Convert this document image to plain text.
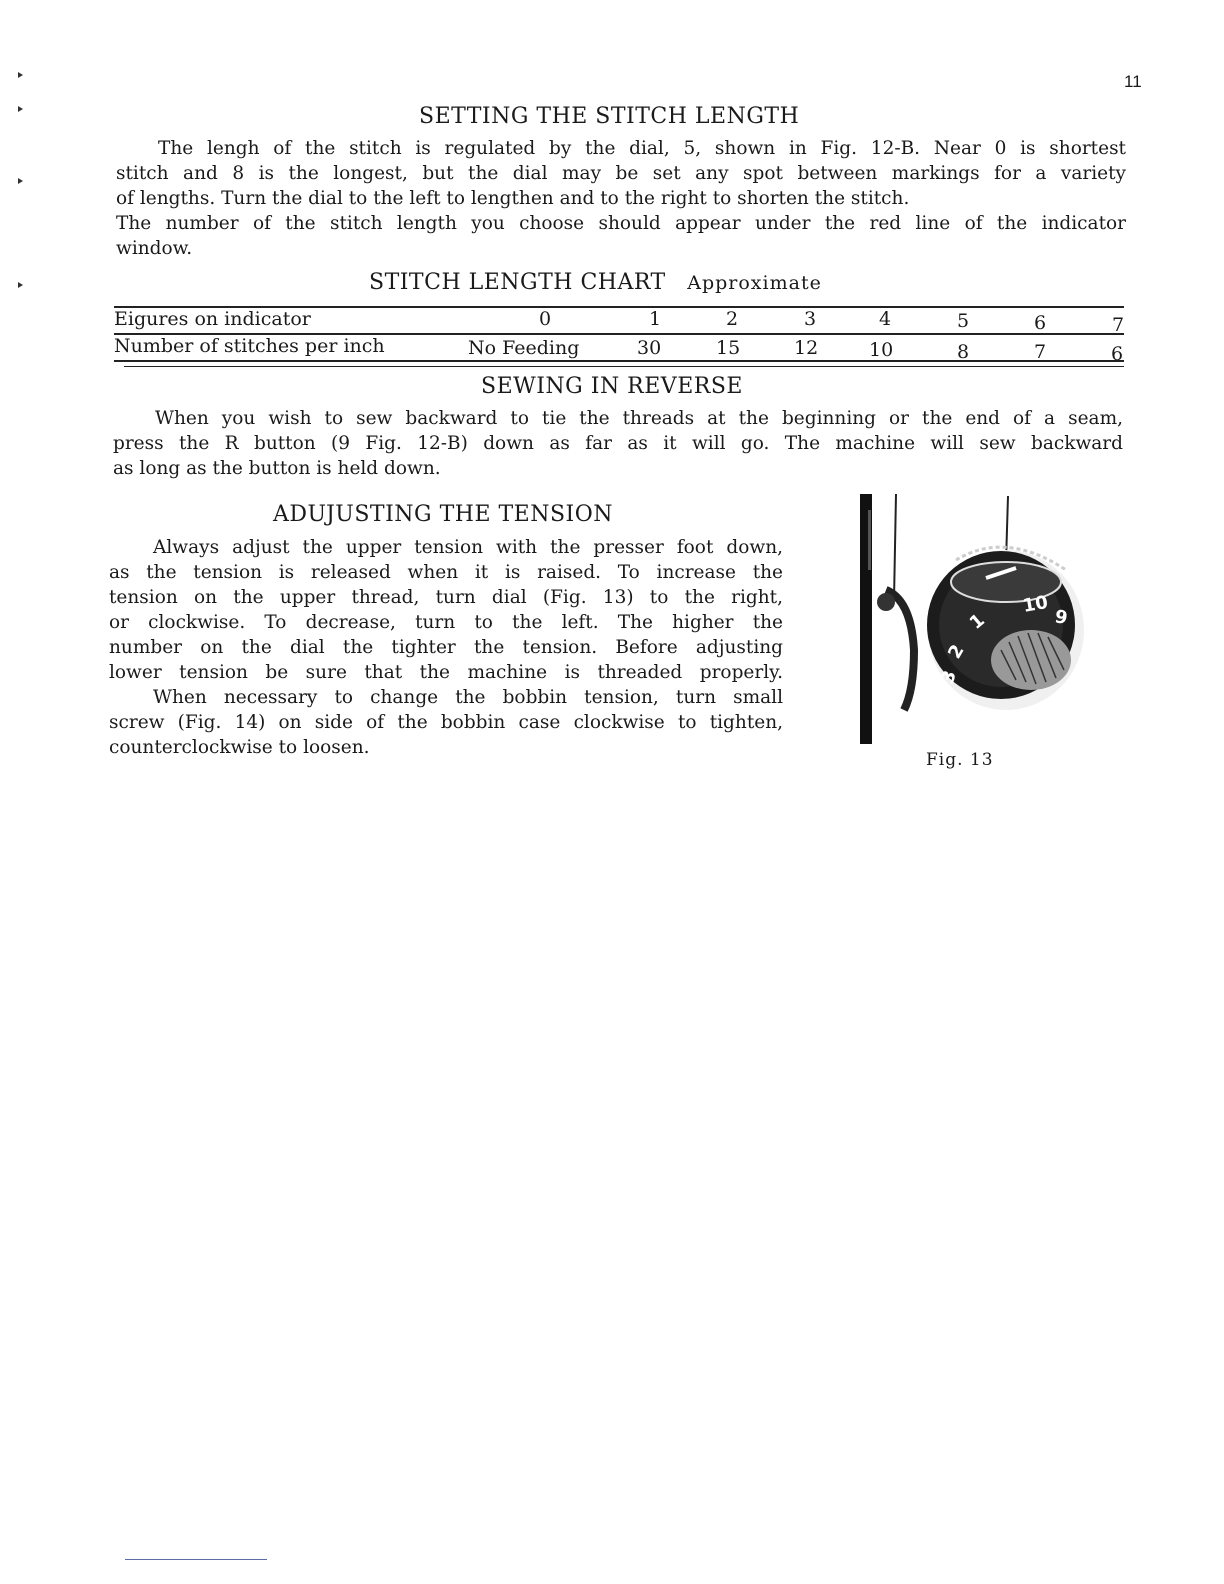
11
SETTING THE STITCH LENGTH
The lengh of the stitch is regulated by the dial, 5, shown in Fig. 12-B. Near 0 is shortest
stitch and 8 is the longest, but the dial may be set any spot between markings for a variety
of lengths. Turn the dial to the left to lengthen and to the right to shorten the stitch.
The number of the stitch length you choose should appear under the red line of the indicator
window.
STITCH LENGTH CHART Approximate
Eigures on indicator	0	1	2	3	4	5	6	7
Number of stitches per inch	No Feeding	30	15	12	10	8	7	6
SEWING IN REVERSE
When you wish to sew backward to tie the threads at the beginning or the end of a seam,
press the R button (9 Fig. 12-B) down as far as it will go. The machine will sew backward
as long as the button is held down.
ADUJUSTING THE TENSION
Always adjust the upper tension with the presser foot down,
as the tension is released when it is raised. To increase the
tension on the upper thread, turn dial (Fig. 13) to the right,
or clockwise. To decrease, turn to the left. The higher the
number on the dial the tighter the tension. Before adjusting
lower tension be sure that the machine is threaded properly.
When necessary to change the bobbin tension, turn small
screw (Fig. 14) on side of the bobbin case clockwise to tighten,
counterclockwise to loosen.
3
2
1
10
9
Fig. 13
